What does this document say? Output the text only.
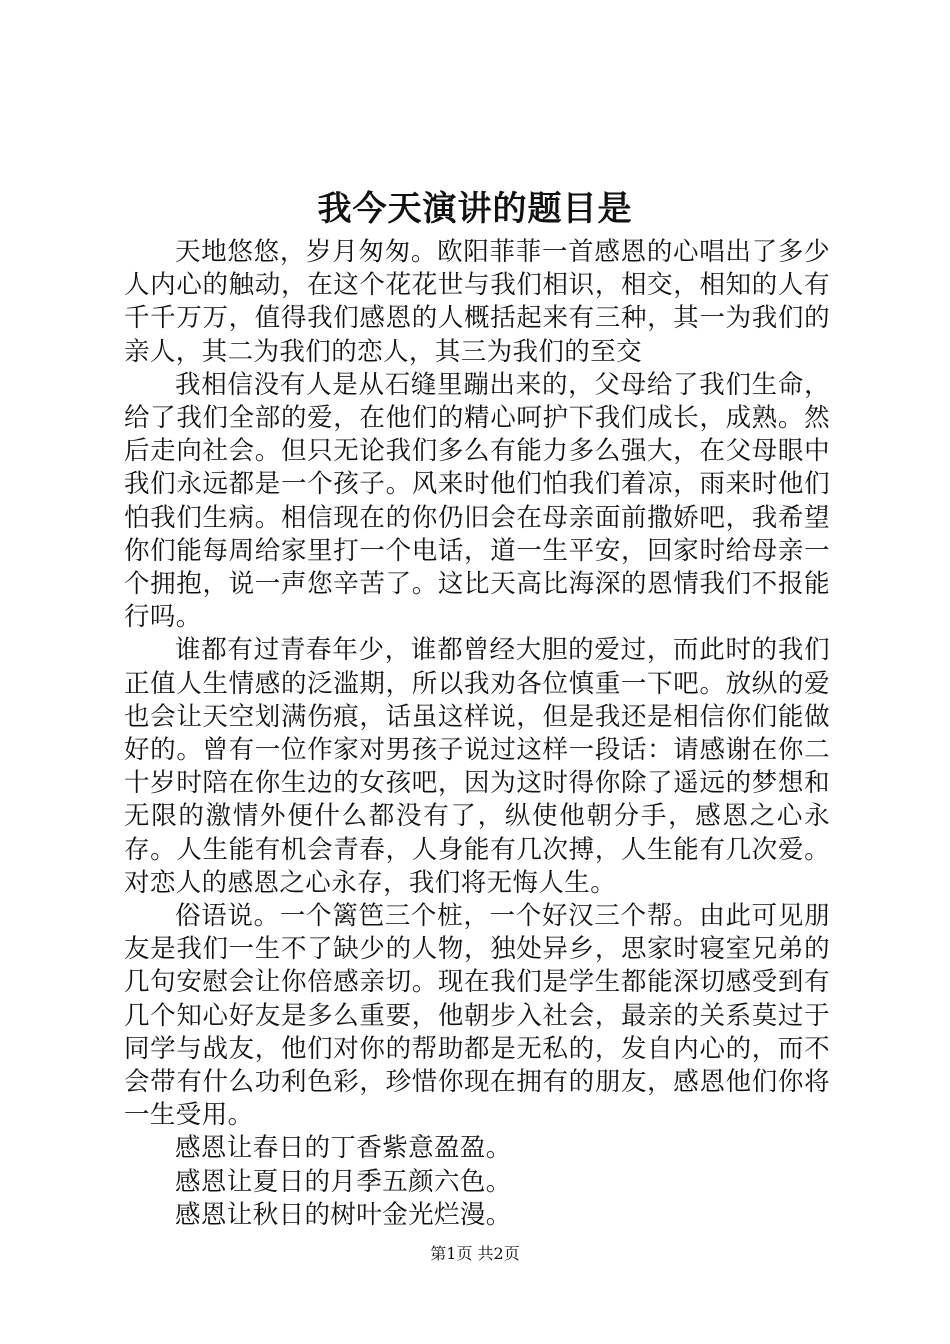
我今天演讲的题目是

天地悠悠，岁月匆匆。欧阳菲菲一首感恩的心唱出了多少人内心的触动，在这个花花世与我们相识，相交，相知的人有千千万万，值得我们感恩的人概括起来有三种，其一为我们的亲人，其二为我们的恋人，其三为我们的至交

我相信没有人是从石缝里蹦出来的，父母给了我们生命，给了我们全部的爱，在他们的精心呵护下我们成长，成熟。然后走向社会。但只无论我们多么有能力多么强大，在父母眼中我们永远都是一个孩子。风来时他们怕我们着凉，雨来时他们怕我们生病。相信现在的你仍旧会在母亲面前撒娇吧，我希望你们能每周给家里打一个电话，道一生平安，回家时给母亲一个拥抱，说一声您辛苦了。这比天高比海深的恩情我们不报能行吗。

谁都有过青春年少，谁都曾经大胆的爱过，而此时的我们正值人生情感的泛滥期，所以我劝各位慎重一下吧。放纵的爱也会让天空划满伤痕，话虽这样说，但是我还是相信你们能做好的。曾有一位作家对男孩子说过这样一段话：请感谢在你二十岁时陪在你生边的女孩吧，因为这时得你除了遥远的梦想和无限的激情外便什么都没有了，纵使他朝分手，感恩之心永存。人生能有机会青春，人身能有几次搏，人生能有几次爱。对恋人的感恩之心永存，我们将无悔人生。

俗语说。一个篱笆三个桩，一个好汉三个帮。由此可见朋友是我们一生不了缺少的人物，独处异乡，思家时寝室兄弟的几句安慰会让你倍感亲切。现在我们是学生都能深切感受到有几个知心好友是多么重要，他朝步入社会，最亲的关系莫过于同学与战友，他们对你的帮助都是无私的，发自内心的，而不会带有什么功利色彩，珍惜你现在拥有的朋友，感恩他们你将一生受用。

感恩让春日的丁香紫意盈盈。

感恩让夏日的月季五颜六色。

感恩让秋日的树叶金光烂漫。

第1页 共2页
